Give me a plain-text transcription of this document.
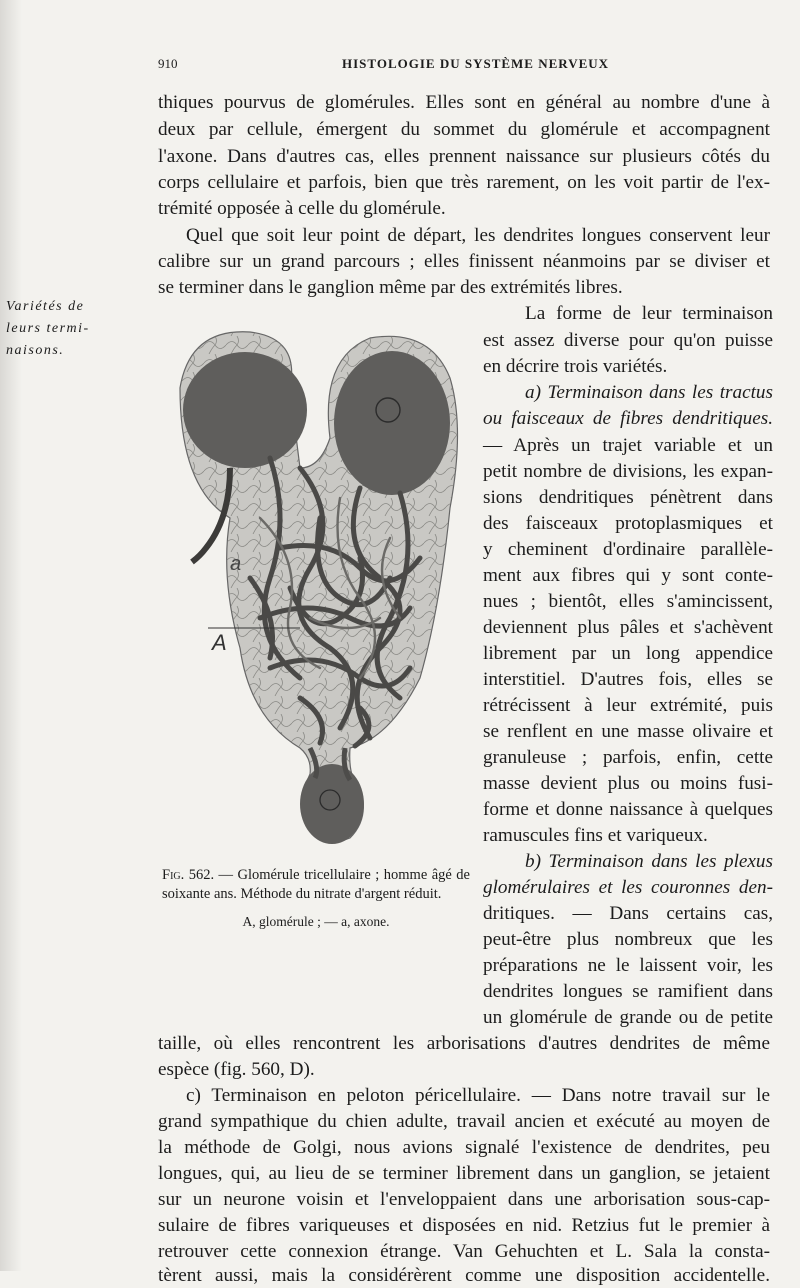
910	HISTOLOGIE DU SYSTÈME NERVEUX
Variétés de
leurs termi-
naisons.
thiques pourvus de glomérules. Elles sont en général au nombre d'une à
deux par cellule, émergent du sommet du glomérule et accompagnent
l'axone. Dans d'autres cas, elles prennent naissance sur plusieurs côtés du
corps cellulaire et parfois, bien que très rarement, on les voit partir de l'ex-
trémité opposée à celle du glomérule.
Quel que soit leur point de départ, les dendrites longues conservent leur
calibre sur un grand parcours ; elles finissent néanmoins par se diviser et
se terminer dans le ganglion même par des extrémités libres.
La forme de leur terminaison
est assez diverse pour qu'on puisse
en décrire trois variétés.
a) Terminaison dans les tractus
ou faisceaux de fibres dendritiques.
— Après un trajet variable et un
petit nombre de divisions, les expan-
sions dendritiques pénètrent dans
des faisceaux protoplasmiques et
y cheminent d'ordinaire parallèle-
ment aux fibres qui y sont conte-
nues ; bientôt, elles s'amincissent,
deviennent plus pâles et s'achèvent
librement par un long appendice
interstitiel. D'autres fois, elles se
rétrécissent à leur extrémité, puis
se renflent en une masse olivaire et
granuleuse ; parfois, enfin, cette
masse devient plus ou moins fusi-
forme et donne naissance à quelques
ramuscules fins et variqueux.
b) Terminaison dans les plexus
glomérulaires et les couronnes den-
dritiques. — Dans certains cas,
peut-être plus nombreux que les
préparations ne le laissent voir, les
dendrites longues se ramifient dans
un glomérule de grande ou de petite
taille, où elles rencontrent les arborisations d'autres dendrites de même
espèce (fig. 560, D).
c) Terminaison en peloton péricellulaire. — Dans notre travail sur le
grand sympathique du chien adulte, travail ancien et exécuté au moyen de
la méthode de Golgi, nous avions signalé l'existence de dendrites, peu
longues, qui, au lieu de se terminer librement dans un ganglion, se jetaient
sur un neurone voisin et l'enveloppaient dans une arborisation sous-cap-
sulaire de fibres variqueuses et disposées en nid. Retzius fut le premier à
retrouver cette connexion étrange. Van Gehuchten et L. Sala la consta-
tèrent aussi, mais la considérèrent comme une disposition accidentelle.
a
A
Fig. 562. — Glomérule tricellulaire ; homme âgé de soixante ans. Méthode du nitrate d'argent réduit.
A, glomérule ; — a, axone.
